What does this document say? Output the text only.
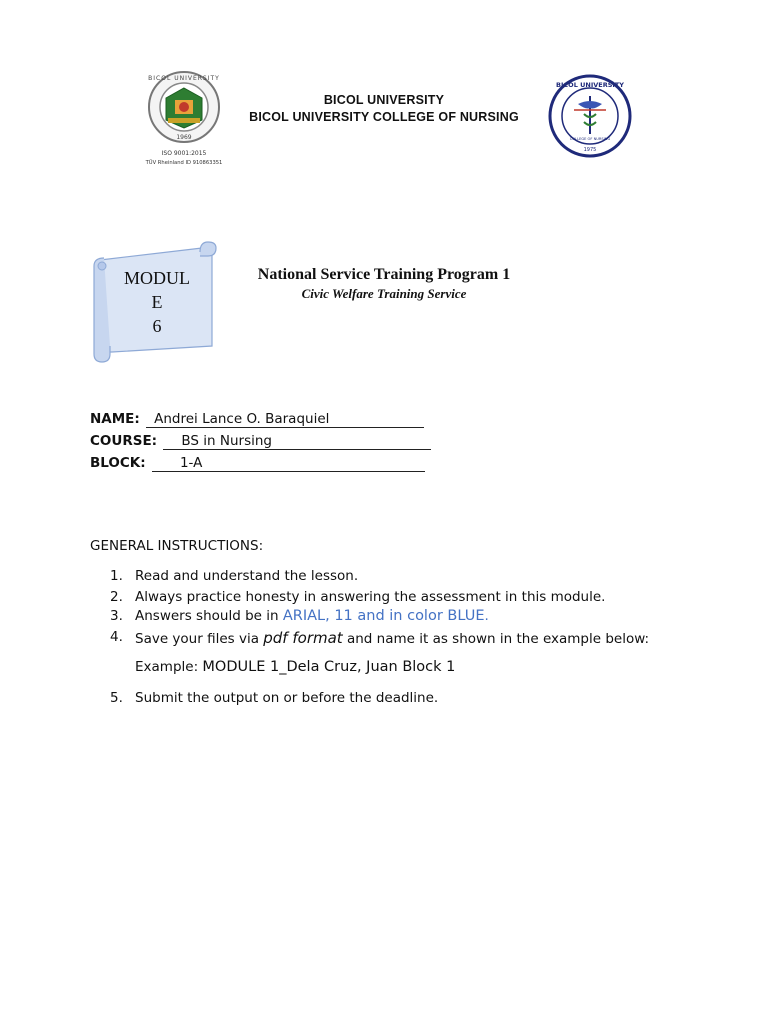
BICOL UNIVERSITY
1969
ISO 9001:2015
TÜV Rheinland ID 910863351
BICOL UNIVERSITY
BICOL UNIVERSITY COLLEGE OF NURSING
BICOL UNIVERSITY
COLLEGE OF NURSING
1975
MODUL
E
6
National Service Training Program 1
Civic Welfare Training Service
NAME: Andrei Lance O. Baraquiel
COURSE: BS in Nursing
BLOCK:	1-A
GENERAL INSTRUCTIONS:
1. Read and understand the lesson.
2. Always practice honesty in answering the assessment in this module.
3. Answers should be in ARIAL, 11 and in color BLUE.
4. Save your files via pdf format and name it as shown in the example below:
Example: MODULE 1_Dela Cruz, Juan Block 1
5. Submit the output on or before the deadline.
